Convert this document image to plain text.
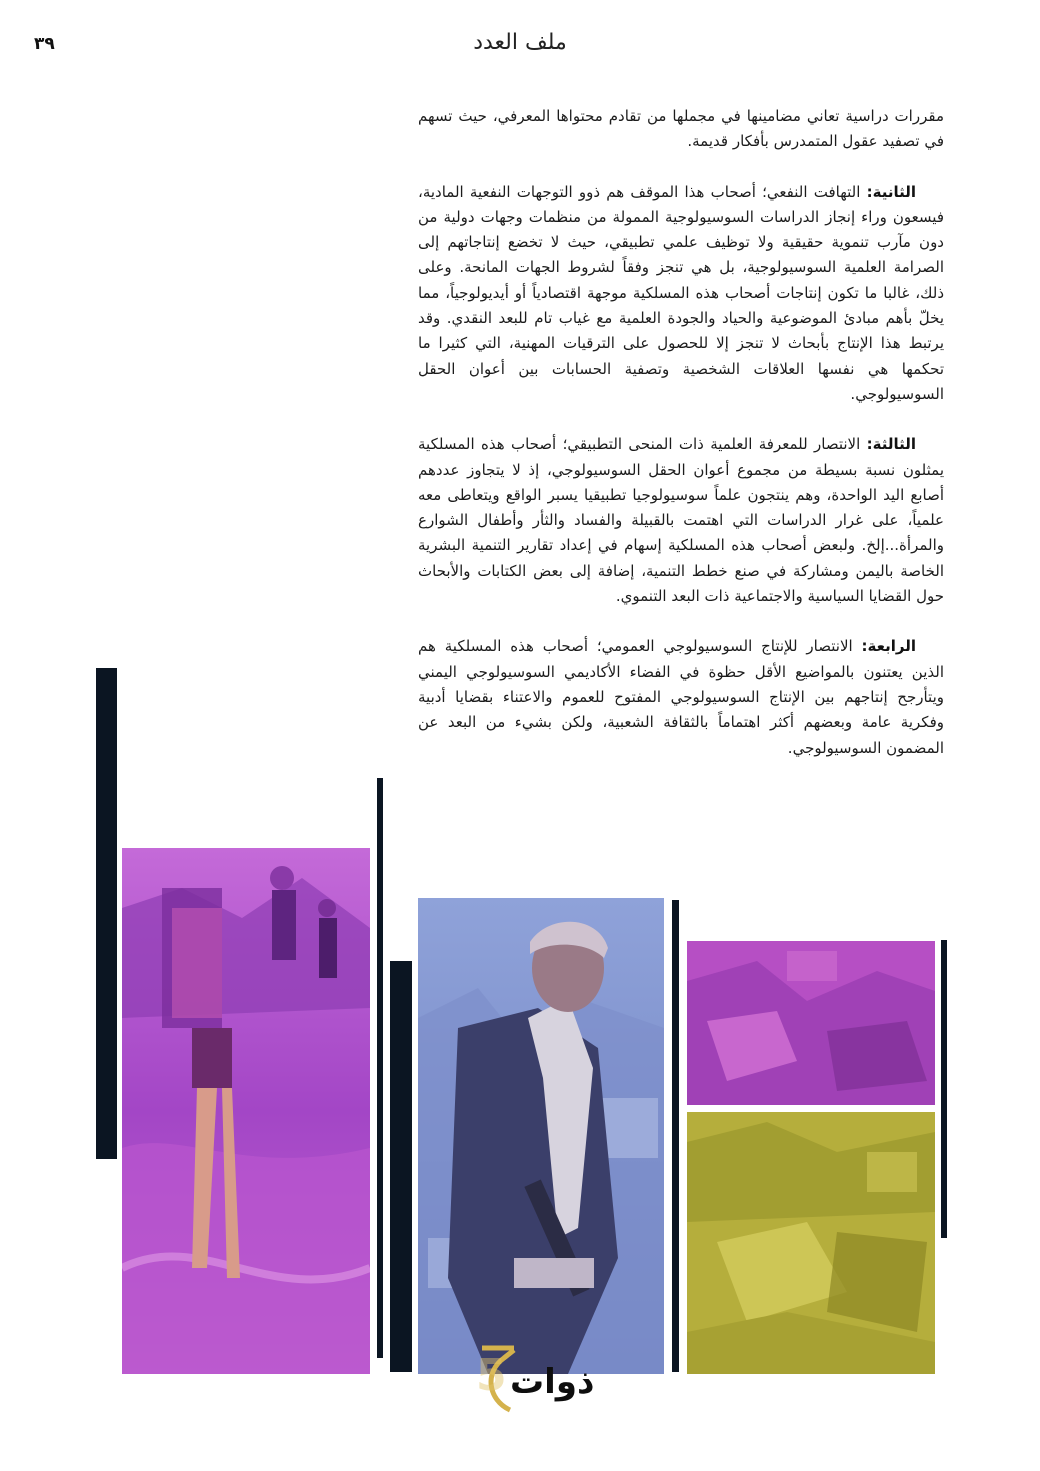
٣٩	ملف العدد

مقررات دراسية تعاني مضامينها في مجملها من تقادم محتواها المعرفي، حيث تسهم في تصفيد عقول المتمدرس بأفكار قديمة.

الثانية: التهافت النفعي؛ أصحاب هذا الموقف هم ذوو التوجهات النفعية المادية، فيسعون وراء إنجاز الدراسات السوسيولوجية الممولة من منظمات وجهات دولية من دون مآرب تنموية حقيقية ولا توظيف علمي تطبيقي، حيث لا تخضع إنتاجاتهم إلى الصرامة العلمية السوسيولوجية، بل هي تنجز وفقاً لشروط الجهات المانحة. وعلى ذلك، غالبا ما تكون إنتاجات أصحاب هذه المسلكية موجهة اقتصادياً أو أيديولوجياً، مما يخلّ بأهم مبادئ الموضوعية والحياد والجودة العلمية مع غياب تام للبعد النقدي. وقد يرتبط هذا الإنتاج بأبحاث لا تنجز إلا للحصول على الترقيات المهنية، التي كثيرا ما تحكمها هي نفسها العلاقات الشخصية وتصفية الحسابات بين أعوان الحقل السوسيولوجي.

الثالثة: الانتصار للمعرفة العلمية ذات المنحى التطبيقي؛ أصحاب هذه المسلكية يمثلون نسبة بسيطة من مجموع أعوان الحقل السوسيولوجي، إذ لا يتجاوز عددهم أصابع اليد الواحدة، وهم ينتجون علماً سوسيولوجيا تطبيقيا يسبر الواقع ويتعاطى معه علمياً، على غرار الدراسات التي اهتمت بالقبيلة والفساد والثأر وأطفال الشوارع والمرأة...إلخ. ولبعض أصحاب هذه المسلكية إسهام في إعداد تقارير التنمية البشرية الخاصة باليمن ومشاركة في صنع خطط التنمية، إضافة إلى بعض الكتابات والأبحاث حول القضايا السياسية والاجتماعية ذات البعد التنموي.

الرابعة: الانتصار للإنتاج السوسيولوجي العمومي؛ أصحاب هذه المسلكية هم الذين يعتنون بالمواضيع الأقل حظوة في الفضاء الأكاديمي السوسيولوجي اليمني ويتأرجح إنتاجهم بين الإنتاج السوسيولوجي المفتوح للعموم والاعتناء بقضايا أدبية وفكرية عامة وبعضهم أكثر اهتماماً بالثقافة الشعبية، ولكن بشيء من البعد عن المضمون السوسيولوجي.

5 ذوات
